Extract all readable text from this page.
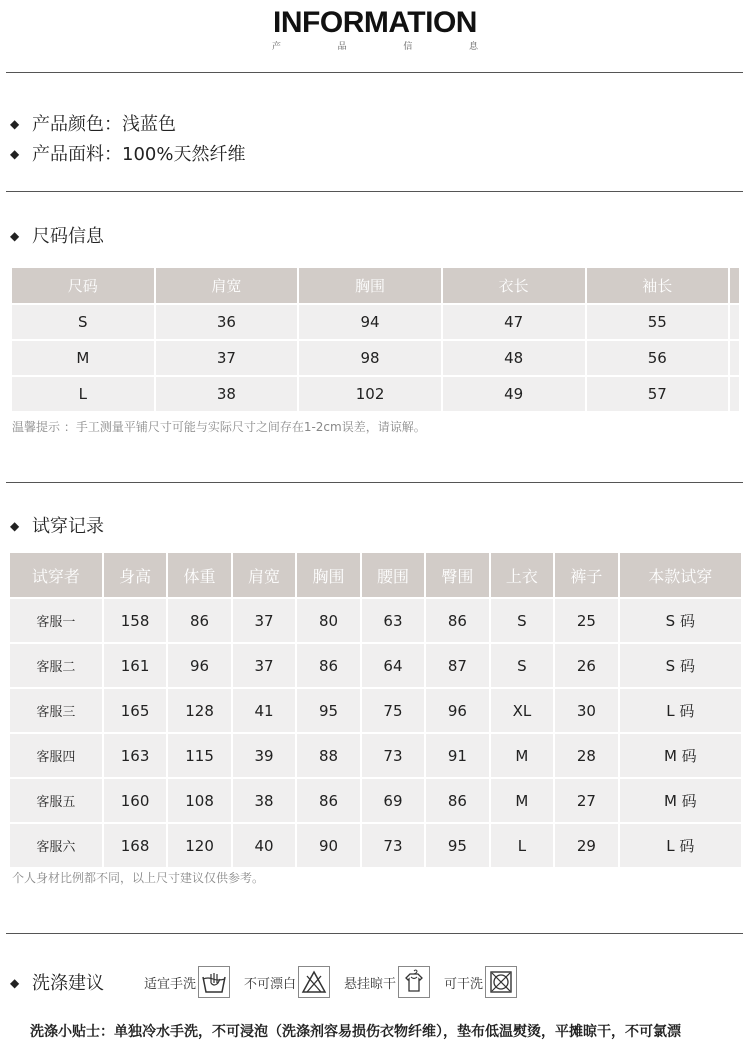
INFORMATION
产	品	信	息
◆ 产品颜色：浅蓝色
◆ 产品面料：100%天然纤维
◆ 尺码信息
尺码	肩宽	胸围	衣长	袖长	
S	36	94	47	55	
M	37	98	48	56	
L	38	102	49	57	
温馨提示 ：手工测量平铺尺寸可能与实际尺寸之间存在1-2cm误差，请谅解。
◆ 试穿记录
试穿者	身高	体重	肩宽	胸围	腰围	臀围	上衣	裤子	本款试穿
客服一	158	86	37	80	63	86	S	25	S 码
客服二	161	96	37	86	64	87	S	26	S 码
客服三	165	128	41	95	75	96	XL	30	L 码
客服四	163	115	39	88	73	91	M	28	M 码
客服五	160	108	38	86	69	86	M	27	M 码
客服六	168	120	40	90	73	95	L	29	L 码
个人身材比例都不同，以上尺寸建议仅供参考。
◆ 洗涤建议	适宜手洗	不可漂白	悬挂晾干	可干洗
洗涤小贴士：单独冷水手洗，不可浸泡（洗涤剂容易损伤衣物纤维），垫布低温熨烫，平摊晾干，不可氯漂
